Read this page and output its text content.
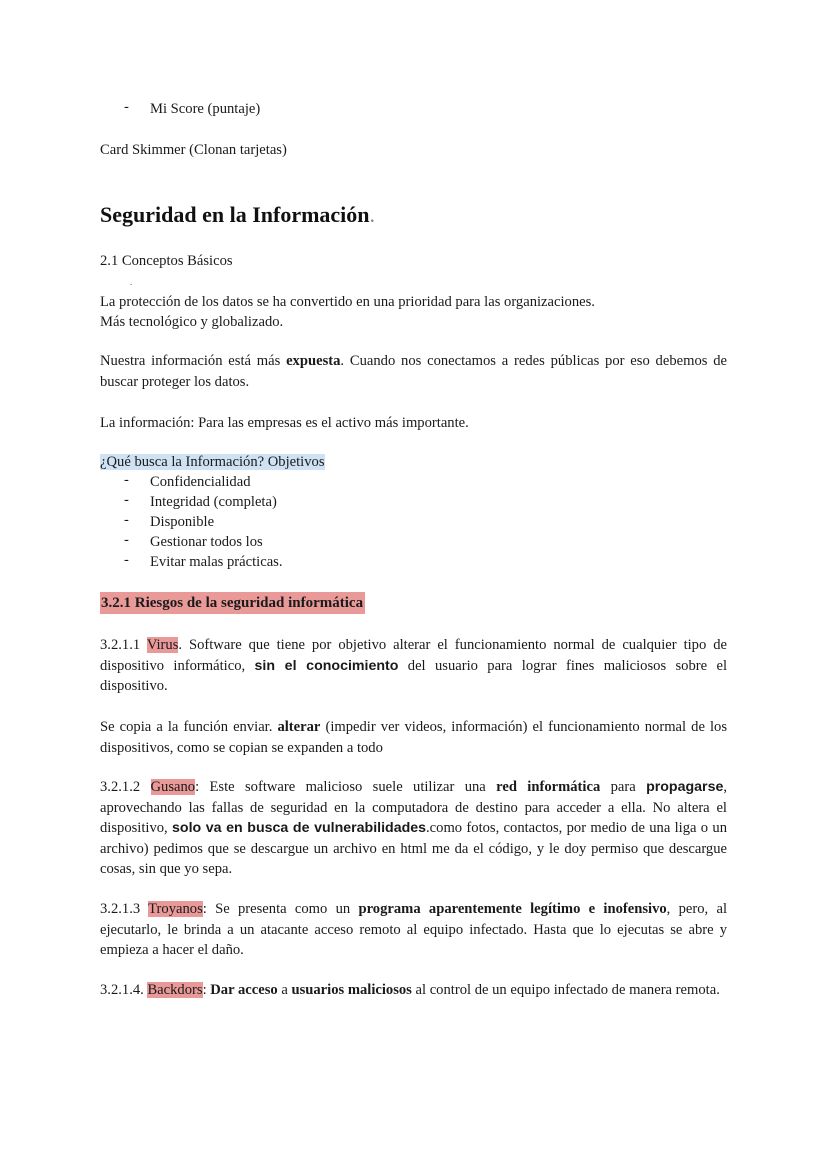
- Mi Score (puntaje)
Card Skimmer (Clonan tarjetas)
Seguridad en la Información.
2.1 Conceptos Básicos
.
La protección de los datos se ha convertido en una prioridad para las organizaciones.
Más tecnológico y globalizado.
Nuestra información está más expuesta. Cuando nos conectamos a redes públicas por eso debemos de buscar proteger los datos.
La información: Para las empresas es el activo más importante.
¿Qué busca la Información? Objetivos
- Confidencialidad
- Integridad (completa)
- Disponible
- Gestionar todos los
- Evitar malas prácticas.
3.2.1 Riesgos de la seguridad informática
3.2.1.1 Virus. Software que tiene por objetivo alterar el funcionamiento normal de cualquier tipo de dispositivo informático, sin el conocimiento del usuario para lograr fines maliciosos sobre el dispositivo.
Se copia a la función enviar. alterar (impedir ver videos, información) el funcionamiento normal de los dispositivos, como se copian se expanden a todo
3.2.1.2 Gusano: Este software malicioso suele utilizar una red informática para propagarse, aprovechando las fallas de seguridad en la computadora de destino para acceder a ella. No altera el dispositivo, solo va en busca de vulnerabilidades.como fotos, contactos, por medio de una liga o un archivo) pedimos que se descargue un archivo en html me da el código, y le doy permiso que descargue cosas, sin que yo sepa.
3.2.1.3 Troyanos: Se presenta como un programa aparentemente legítimo e inofensivo, pero, al ejecutarlo, le brinda a un atacante acceso remoto al equipo infectado. Hasta que lo ejecutas se abre y empieza a hacer el daño.
3.2.1.4. Backdors: Dar acceso a usuarios maliciosos al control de un equipo infectado de manera remota.
